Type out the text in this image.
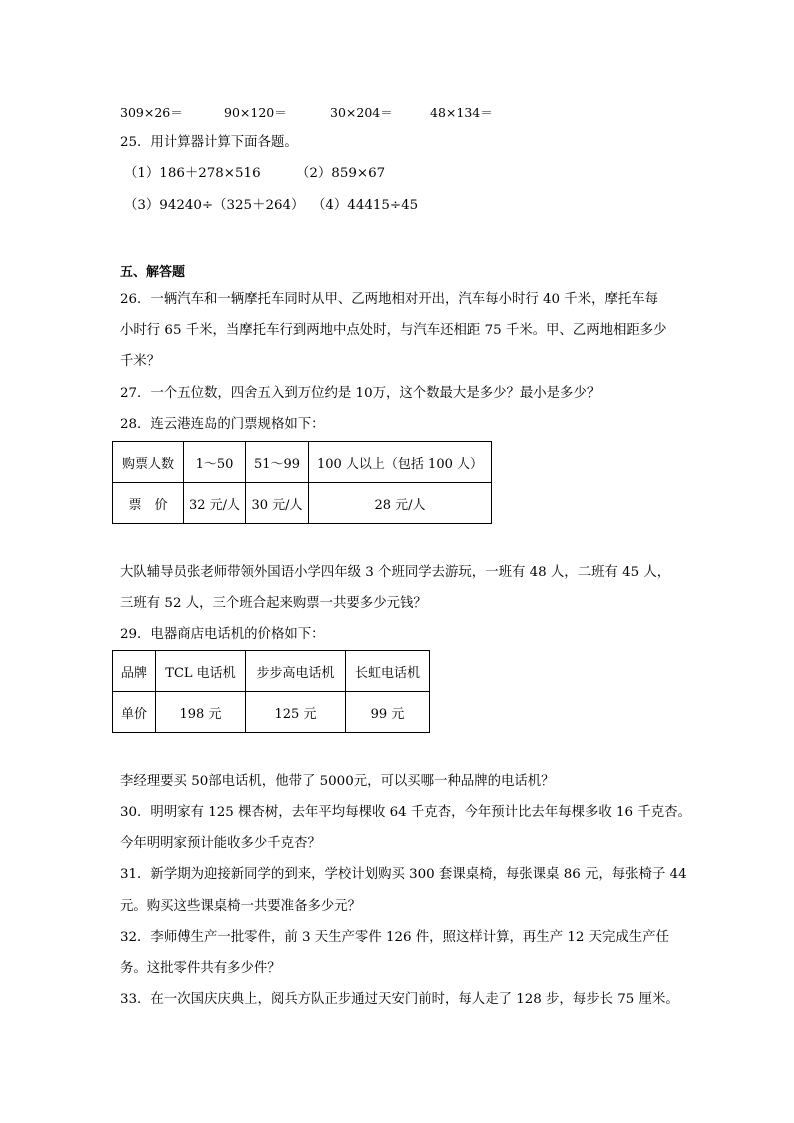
309×26＝	90×120＝	30×204＝	48×134＝
25．用计算器计算下面各题。
（1）186＋278×516	（2）859×67
（3）94240÷（325＋264） （4）44415÷45
五、解答题
26．一辆汽车和一辆摩托车同时从甲、乙两地相对开出，汽车每小时行 40 千米，摩托车每
小时行 65 千米，当摩托车行到两地中点处时，与汽车还相距 75 千米。甲、乙两地相距多少
千米？
27．一个五位数，四舍五入到万位约是 10万，这个数最大是多少？最小是多少？
28．连云港连岛的门票规格如下：
购票人数	1～50	51～99	100 人以上（包括 100 人）
票　价	32 元/人	30 元/人	28 元/人
大队辅导员张老师带领外国语小学四年级 3 个班同学去游玩，一班有 48 人，二班有 45 人，
三班有 52 人，三个班合起来购票一共要多少元钱？
29．电器商店电话机的价格如下：
品牌	TCL 电话机	步步高电话机	长虹电话机
单价	198 元	125 元	99 元
李经理要买 50部电话机，他带了 5000元，可以买哪一种品牌的电话机？
30．明明家有 125 棵杏树，去年平均每棵收 64 千克杏，今年预计比去年每棵多收 16 千克杏。
今年明明家预计能收多少千克杏？
31．新学期为迎接新同学的到来，学校计划购买 300 套课桌椅，每张课桌 86 元，每张椅子 44
元。购买这些课桌椅一共要准备多少元？
32．李师傅生产一批零件，前 3 天生产零件 126 件，照这样计算，再生产 12 天完成生产任
务。这批零件共有多少件？
33．在一次国庆庆典上，阅兵方队正步通过天安门前时，每人走了 128 步，每步长 75 厘米。
